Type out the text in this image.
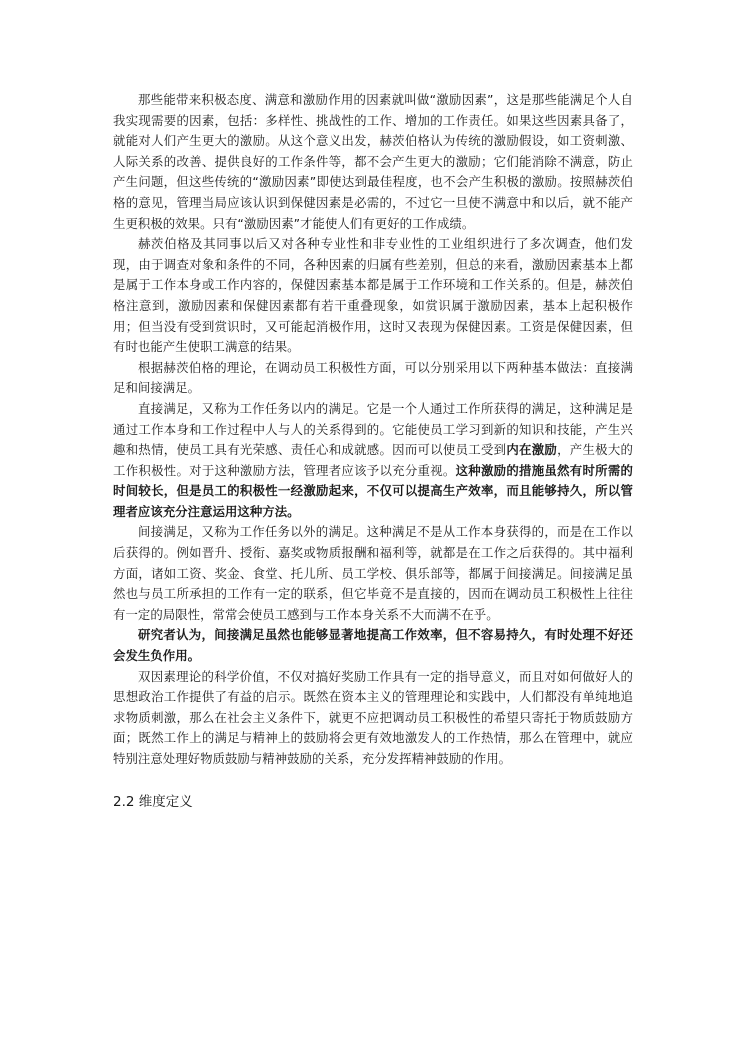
那些能带来积极态度、满意和激励作用的因素就叫做“激励因素”，这是那些能满足个人自我实现需要的因素，包括：多样性、挑战性的工作、增加的工作责任。如果这些因素具备了，就能对人们产生更大的激励。从这个意义出发，赫茨伯格认为传统的激励假设，如工资刺激、人际关系的改善、提供良好的工作条件等，都不会产生更大的激励；它们能消除不满意，防止产生问题，但这些传统的“激励因素”即使达到最佳程度，也不会产生积极的激励。按照赫茨伯格的意见，管理当局应该认识到保健因素是必需的，不过它一旦使不满意中和以后，就不能产生更积极的效果。只有“激励因素”才能使人们有更好的工作成绩。

赫茨伯格及其同事以后又对各种专业性和非专业性的工业组织进行了多次调查，他们发现，由于调查对象和条件的不同，各种因素的归属有些差别，但总的来看，激励因素基本上都是属于工作本身或工作内容的，保健因素基本都是属于工作环境和工作关系的。但是，赫茨伯格注意到，激励因素和保健因素都有若干重叠现象，如赏识属于激励因素，基本上起积极作用；但当没有受到赏识时，又可能起消极作用，这时又表现为保健因素。工资是保健因素，但有时也能产生使职工满意的结果。

根据赫茨伯格的理论，在调动员工积极性方面，可以分别采用以下两种基本做法：直接满足和间接满足。

直接满足，又称为工作任务以内的满足。它是一个人通过工作所获得的满足，这种满足是通过工作本身和工作过程中人与人的关系得到的。它能使员工学习到新的知识和技能，产生兴趣和热情，使员工具有光荣感、责任心和成就感。因而可以使员工受到内在激励，产生极大的工作积极性。对于这种激励方法，管理者应该予以充分重视。这种激励的措施虽然有时所需的时间较长，但是员工的积极性一经激励起来，不仅可以提高生产效率，而且能够持久，所以管理者应该充分注意运用这种方法。

间接满足，又称为工作任务以外的满足。这种满足不是从工作本身获得的，而是在工作以后获得的。例如晋升、授衔、嘉奖或物质报酬和福利等，就都是在工作之后获得的。其中福利方面，诸如工资、奖金、食堂、托儿所、员工学校、俱乐部等，都属于间接满足。间接满足虽然也与员工所承担的工作有一定的联系，但它毕竟不是直接的，因而在调动员工积极性上往往有一定的局限性，常常会使员工感到与工作本身关系不大而满不在乎。

研究者认为，间接满足虽然也能够显著地提高工作效率，但不容易持久，有时处理不好还会发生负作用。

双因素理论的科学价值，不仅对搞好奖励工作具有一定的指导意义，而且对如何做好人的思想政治工作提供了有益的启示。既然在资本主义的管理理论和实践中，人们都没有单纯地追求物质刺激，那么在社会主义条件下，就更不应把调动员工积极性的希望只寄托于物质鼓励方面；既然工作上的满足与精神上的鼓励将会更有效地激发人的工作热情，那么在管理中，就应特别注意处理好物质鼓励与精神鼓励的关系，充分发挥精神鼓励的作用。

2.2 维度定义
